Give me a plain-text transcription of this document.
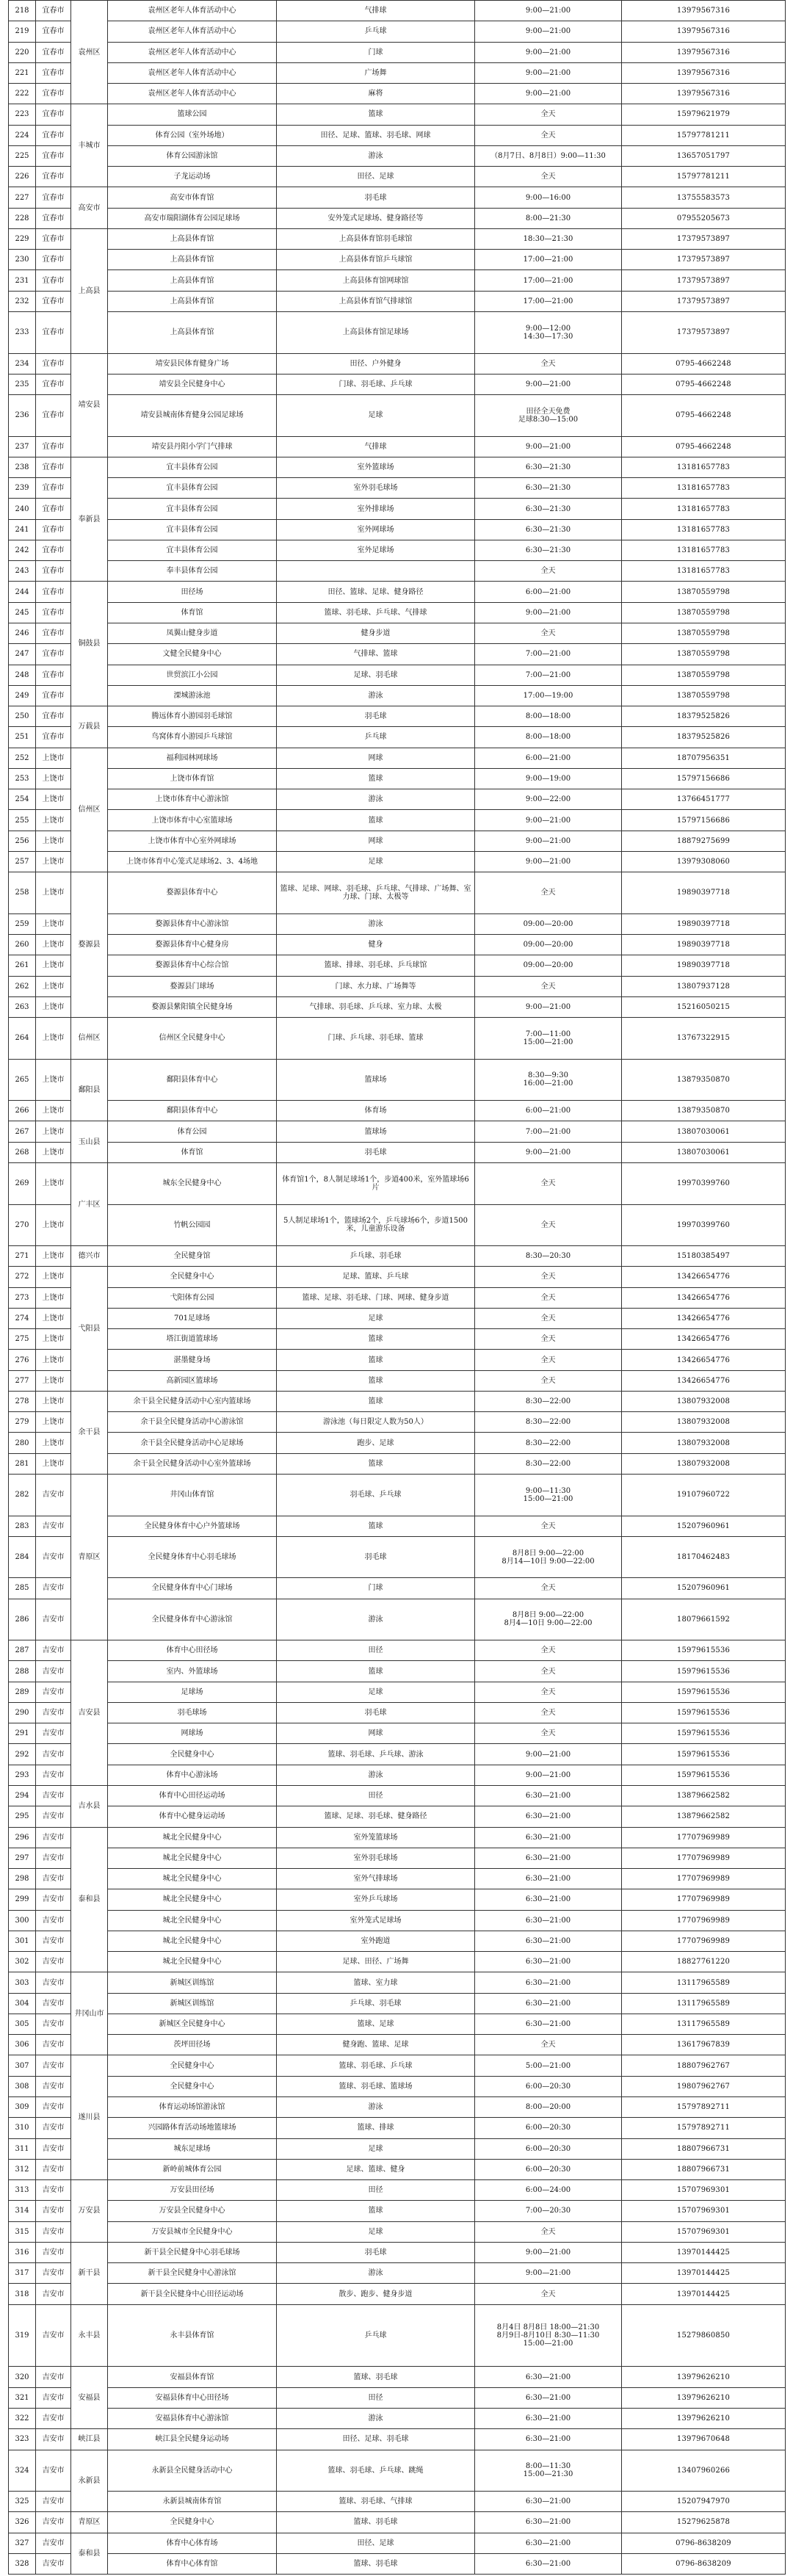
218	宜春市	袁州区	袁州区老年人体育活动中心	气排球	9:00—21:00	13979567316

219	宜春市		袁州区老年人体育活动中心	乒乓球	9:00—21:00	13979567316

220	宜春市		袁州区老年人体育活动中心	门球	9:00—21:00	13979567316

221	宜春市		袁州区老年人体育活动中心	广场舞	9:00—21:00	13979567316

222	宜春市		袁州区老年人体育活动中心	麻将	9:00—21:00	13979567316

223	宜春市	丰城市	篮球公园	篮球	全天	15979621979

224	宜春市		体育公园（室外场地）	田径、足球、篮球、羽毛球、网球	全天	15797781211

225	宜春市		体育公园游泳馆	游泳	（8月7日、8月8日）9:00—11:30	13657051797

226	宜春市		子龙运动场	田径、足球	全天	15797781211

227	宜春市	高安市	高安市体育馆	羽毛球	9:00—16:00	13755583573

228	宜春市		高安市瑞阳湖体育公园足球场	安外笼式足球场、健身路径等	8:00—21:30	07955205673

229	宜春市	上高县	上高县体育馆	上高县体育馆羽毛球馆	18:30—21:30	17379573897

230	宜春市		上高县体育馆	上高县体育馆乒乓球馆	17:00—21:00	17379573897

231	宜春市		上高县体育馆	上高县体育馆网球馆	17:00—21:00	17379573897

232	宜春市		上高县体育馆	上高县体育馆气排球馆	17:00—21:00	17379573897

233	宜春市		上高县体育馆	上高县体育馆足球场	9:00—12:00
14:30—17:30	17379573897

234	宜春市	靖安县	靖安县民体育健身广场	田径、户外健身	全天	0795-4662248

235	宜春市		靖安县全民健身中心	门球、羽毛球、乒乓球	9:00—21:00	0795-4662248

236	宜春市		靖安县城南体育健身公园足球场	足球	田径全天免费
足球8:30—15:00	0795-4662248

237	宜春市		靖安县丹阳小学门气排球	气排球	9:00—21:00	0795-4662248

238	宜春市	奉新县	宜丰县体育公园	室外篮球场	6:30—21:30	13181657783

239	宜春市		宜丰县体育公园	室外羽毛球场	6:30—21:30	13181657783

240	宜春市		宜丰县体育公园	室外排球场	6:30—21:30	13181657783

241	宜春市		宜丰县体育公园	室外网球场	6:30—21:30	13181657783

242	宜春市		宜丰县体育公园	室外足球场	6:30—21:30	13181657783

243	宜春市		奉丰县体育公园		全天	13181657783

244	宜春市	铜鼓县	田径场	田径、篮球、足球、健身路径	6:00—21:00	13870559798

245	宜春市		体育馆	篮球、羽毛球、乒乓球、气排球	9:00—21:00	13870559798

246	宜春市		凤翼山健身步道	健身步道	全天	13870559798

247	宜春市		文健全民健身中心	气排球、篮球	7:00—21:00	13870559798

248	宜春市		世贸滨江小公园	足球、羽毛球	7:00—21:00	13870559798

249	宜春市		溧城游泳池	游泳	17:00—19:00	13870559798

250	宜春市	万载县	腾远体育小游园羽毛球馆	羽毛球	8:00—18:00	18379525826

251	宜春市		鸟窝体育小游园乒乓球馆	乒乓球	8:00—18:00	18379525826

252	上饶市	信州区	福利园林网球场	网球	6:00—21:00	18707956351

253	上饶市		上饶市体育馆	篮球	9:00—19:00	15797156686

254	上饶市		上饶市体育中心游泳馆	游泳	9:00—22:00	13766451777

255	上饶市		上饶市体育中心室篮球场	篮球	9:00—21:00	15797156686

256	上饶市		上饶市体育中心室外网球场	网球	9:00—21:00	18879275699

257	上饶市		上饶市体育中心笼式足球场2、3、4场地	足球	9:00—21:00	13979308060

258	上饶市	婺源县	婺源县体育中心	篮球、足球、网球、羽毛球、乒乓球、气排球、广场舞、室力球、门球、太极等	全天	19890397718

259	上饶市		婺源县体育中心游泳馆	游泳	09:00—20:00	19890397718

260	上饶市		婺源县体育中心健身房	健身	09:00—20:00	19890397718

261	上饶市		婺源县体育中心综合馆	篮球、排球、羽毛球、乒乓球馆	09:00—20:00	19890397718

262	上饶市		婺源县门球场	门球、水力球、广场舞等	全天	13807937128

263	上饶市		婺源县紫阳镇全民健身场	气排球、羽毛球、乒乓球、室力球、太极	9:00—21:00	15216050215

264	上饶市	信州区	信州区全民健身中心	门球、乒乓球、羽毛球、篮球	7:00—11:00
15:00—21:00	13767322915

265	上饶市	鄱阳县	鄱阳县体育中心	篮球场	8:30—9:30
16:00—21:00	13879350870

266	上饶市		鄱阳县体育中心	体育场	6:00—21:00	13879350870

267	上饶市	玉山县	体育公园	篮球场	7:00—21:00	13807030061

268	上饶市		体育馆	羽毛球	9:00—21:00	13807030061

269	上饶市	广丰区	城东全民健身中心	体育馆1个，8人制足球场1个，步道400米，室外篮球场6片	全天	19970399760

270	上饶市		竹帆公园园	5人制足球场1个，篮球场2个，乒乓球场6个，步道1500米，儿童游乐设备	全天	19970399760

271	上饶市	德兴市	全民健身馆	乒乓球、羽毛球	8:30—20:30	15180385497

272	上饶市	弋阳县	全民健身中心	足球、篮球、乒乓球	全天	13426654776

273	上饶市		弋阳体育公园	篮球、足球、羽毛球、门球、网球、健身步道	全天	13426654776

274	上饶市		701足球场	足球	全天	13426654776

275	上饶市		塔江街道篮球场	篮球	全天	13426654776

276	上饶市		湛墨健身场	篮球	全天	13426654776

277	上饶市		高新园区篮球场	篮球	全天	13426654776

278	上饶市	余干县	余干县全民健身活动中心室内篮球场	篮球	8:30—22:00	13807932008

279	上饶市		余干县全民健身活动中心游泳馆	游泳池（每日限定人数为50人）	8:30—22:00	13807932008

280	上饶市		余干县全民健身活动中心足球场	跑步、足球	8:30—22:00	13807932008

281	上饶市		余干县全民健身活动中心室外篮球场	篮球	8:30—22:00	13807932008

282	吉安市	青原区	井冈山体育馆	羽毛球、乒乓球	9:00—11:30
15:00—21:00	19107960722

283	吉安市		全民健身体育中心户外篮球场	篮球	全天	15207960961

284	吉安市		全民健身体育中心羽毛球场	羽毛球	8月8日 9:00—22:00
8月14—10日 9:00—22:00	18170462483

285	吉安市		全民健身体育中心门球场	门球	全天	15207960961

286	吉安市		全民健身体育中心游泳馆	游泳	8月8日 9:00—22:00
8月4—10日 9:00—22:00	18079661592

287	吉安市	吉安县	体育中心田径场	田径	全天	15979615536

288	吉安市		室内、外篮球场	篮球	全天	15979615536

289	吉安市		足球场	足球	全天	15979615536

290	吉安市		羽毛球场	羽毛球	全天	15979615536

291	吉安市		网球场	网球	全天	15979615536

292	吉安市		全民健身中心	篮球、羽毛球、乒乓球、游泳	9:00—21:00	15979615536

293	吉安市		体育中心游泳场	游泳	9:00—21:00	15979615536

294	吉安市	吉水县	体育中心田径运动场	田径	6:30—21:00	13879662582

295	吉安市		体育中心健身运动场	篮球、足球、羽毛球、健身路径	6:30—21:00	13879662582

296	吉安市	泰和县	城北全民健身中心	室外笼篮球场	6:30—21:00	17707969989

297	吉安市		城北全民健身中心	室外羽毛球场	6:30—21:00	17707969989

298	吉安市		城北全民健身中心	室外气排球场	6:30—21:00	17707969989

299	吉安市		城北全民健身中心	室外乒乓球场	6:30—21:00	17707969989

300	吉安市		城北全民健身中心	室外笼式足球场	6:30—21:00	17707969989

301	吉安市		城北全民健身中心	室外跑道	6:30—21:00	17707969989

302	吉安市		城北全民健身中心	足球、田径、广场舞	6:30—21:00	18827761220

303	吉安市	井冈山市	新城区训练馆	篮球、室力球	6:30—21:00	13117965589

304	吉安市		新城区训练馆	乒乓球、羽毛球	6:30—21:00	13117965589

305	吉安市		新城区全民健身中心	篮球、足球	6:30—21:00	13117965589

306	吉安市		茨坪田径场	健身跑、篮球、足球	全天	13617967839

307	吉安市	遂川县	全民健身中心	篮球、羽毛球、乒乓球	5:00—21:00	18807962767

308	吉安市		全民健身中心	篮球、羽毛球、篮球场	6:00—20:30	19807962767

309	吉安市		体育运动场馆游泳馆	游泳	8:00—20:00	15797892711

310	吉安市		兴园路体育活动场地篮球场	篮球、排球	6:00—20:30	15797892711

311	吉安市		城东足球场	足球	6:00—20:30	18807966731

312	吉安市		新岭前城体育公园	足球、篮球、健身	6:00—20:30	18807966731

313	吉安市	万安县	万安县田径场	田径	6:00—24:00	15707969301

314	吉安市		万安县全民健身中心	篮球	7:00—20:30	15707969301

315	吉安市		万安县城市全民健身中心	足球	全天	15707969301

316	吉安市	新干县	新干县全民健身中心羽毛球场	羽毛球	9:00—21:00	13970144425

317	吉安市		新干县全民健身中心游泳馆	游泳	9:00—21:00	13970144425

318	吉安市		新干县全民健身中心田径运动场	散步、跑步、健身步道	全天	13970144425

319	吉安市	永丰县	永丰县体育馆	乒乓球	8月4日 8月8日 18:00—21:30
8月9日-8月10日 8:30—11:30
15:00—21:00	15279860850

320	吉安市	安福县	安福县体育馆	篮球、羽毛球	6:30—21:00	13979626210

321	吉安市		安福县体育中心田径场	田径	6:30—21:00	13979626210

322	吉安市		安福县体育中心游泳馆	游泳	6:30—21:00	13979626210

323	吉安市	峡江县	峡江县全民健身运动场	田径、足球、羽毛球	6:30—21:00	13979670648

324	吉安市	永新县	永新县全民健身活动中心	篮球、羽毛球、乒乓球、跳绳	8:00—11:30
15:00—21:30	13407960266

325	吉安市		永新县城南体育馆	篮球、羽毛球、气排球	6:30—21:00	15207947970

326	吉安市	青原区	全民健身中心	篮球、羽毛球	6:30—21:00	15279625878

327	吉安市	泰和县	体育中心体育场	田径、足球	6:30—21:00	0796-8638209

328	吉安市		体育中心体育馆	篮球、羽毛球	6:30—21:00	0796-8638209
